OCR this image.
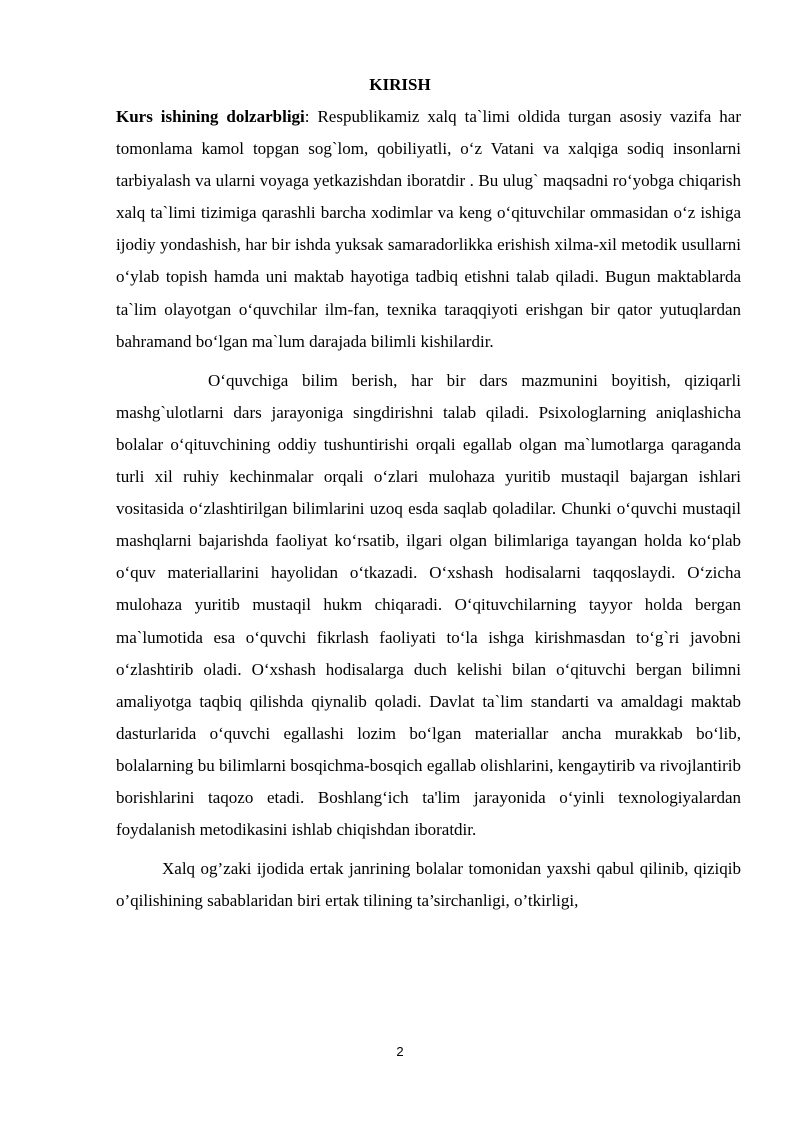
KIRISH

Kurs ishining dolzarbligi: Respublikamiz xalq ta`limi oldida turgan asosiy vazifa har tomonlama kamol topgan sog`lom, qobiliyatli, oʻz Vatani va xalqiga sodiq insonlarni tarbiyalash va ularni voyaga yetkazishdan iboratdir . Bu ulug` maqsadni roʻyobga chiqarish xalq ta`limi tizimiga qarashli barcha xodimlar va keng oʻqituvchilar ommasidan oʻz ishiga ijodiy yondashish, har bir ishda yuksak samaradorlikka erishish xilma-xil metodik usullarni oʻylab topish hamda uni maktab hayotiga tadbiq etishni talab qiladi. Bugun maktablarda ta`lim olayotgan oʻquvchilar ilm-fan, texnika taraqqiyoti erishgan bir qator yutuqlardan bahramand boʻlgan ma`lum darajada bilimli kishilardir.

Oʻquvchiga bilim berish, har bir dars mazmunini boyitish, qiziqarli mashg`ulotlarni dars jarayoniga singdirishni talab qiladi. Psixologlarning aniqlashicha bolalar oʻqituvchining oddiy tushuntirishi orqali egallab olgan ma`lumotlarga qaraganda turli xil ruhiy kechinmalar orqali oʻzlari mulohaza yuritib mustaqil bajargan ishlari vositasida oʻzlashtirilgan bilimlarini uzoq esda saqlab qoladilar. Chunki oʻquvchi mustaqil mashqlarni bajarishda faoliyat koʻrsatib, ilgari olgan bilimlariga tayangan holda koʻplab oʻquv materiallarini hayolidan oʻtkazadi. Oʻxshash hodisalarni taqqoslaydi. Oʻzicha mulohaza yuritib mustaqil hukm chiqaradi. Oʻqituvchilarning tayyor holda bergan ma`lumotida esa oʻquvchi fikrlash faoliyati toʻla ishga kirishmasdan toʻg`ri javobni oʻzlashtirib oladi. Oʻxshash hodisalarga duch kelishi bilan oʻqituvchi bergan bilimni amaliyotga taqbiq qilishda qiynalib qoladi. Davlat ta`lim standarti va amaldagi maktab dasturlarida oʻquvchi egallashi lozim boʻlgan materiallar ancha murakkab boʻlib, bolalarning bu bilimlarni bosqichma-bosqich egallab olishlarini, kengaytirib va rivojlantirib borishlarini taqozo etadi. Boshlangʻich ta'lim jarayonida oʻyinli texnologiyalardan foydalanish metodikasini ishlab chiqishdan iboratdir.

Xalq og’zaki ijodida ertak janrining bolalar tomonidan yaxshi qabul qilinib, qiziqib o’qilishining sabablaridan biri ertak tilining ta’sirchanligi, o’tkirligi,

2
